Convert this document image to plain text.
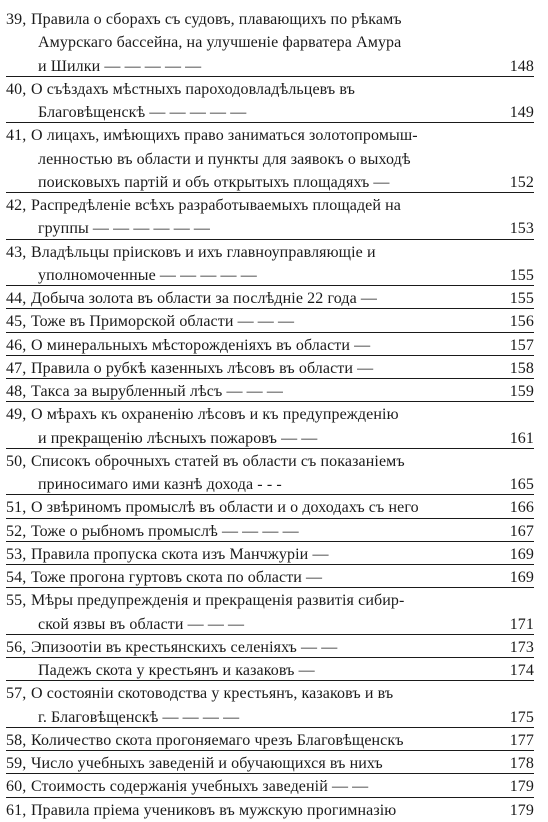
39, Правила о сборахъ съ судовъ, плавающихъ по рѣкамъ
Амурскаго бассейна, на улучшеніе фарватера Амура
и Шилки — — — — —	148
40, О съѣздахъ мѣстныхъ пароходовладѣльцевъ въ
Благовѣщенскѣ — — — — —	149
41, О лицахъ, имѣющихъ право заниматься золотопромыш-
ленностью въ области и пункты для заявокъ о выходѣ
поисковыхъ партій и объ открытыхъ площадяхъ —	152
42, Распредѣленіе всѣхъ разработываемыхъ площадей на
группы — — — — — —	153
43, Владѣльцы прiисковъ и ихъ главноуправляющіе и
уполномоченные — — — — —	155
44, Добыча золота въ области за послѣдніе 22 года —	155
45, Тоже въ Приморской области — — —	156
46, О минеральныхъ мѣсторожденіяхъ въ области —	157
47, Правила о рубкѣ казенныхъ лѣсовъ въ области —	158
48, Такса за вырубленный лѣсъ — — —	159
49, О мѣрахъ къ охраненію лѣсовъ и къ предупрежденію
и прекращенію лѣсныхъ пожаровъ — —	161
50, Списокъ оброчныхъ статей въ области съ показаніемъ
приносимаго ими казнѣ дохода - - -	165
51, О звѣриномъ промыслѣ въ области и о доходахъ съ него	166
52, Тоже о рыбномъ промыслѣ — — — —	167
53, Правила пропуска скота изъ Манчжуріи —	169
54, Тоже прогона гуртовъ скота по области —	169
55, Мѣры предупрежденія и прекращенія развитія сибир-
ской язвы въ области — — —	171
56, Эпизоотіи въ крестьянскихъ селеніяхъ — —	173
Падежъ скота у крестьянъ и казаковъ —	174
57, О состояніи скотоводства у крестьянъ, казаковъ и въ
г. Благовѣщенскѣ — — — —	175
58, Количество скота прогоняемаго чрезъ Благовѣщенскъ	177
59, Число учебныхъ заведеній и обучающихся въ нихъ	178
60, Стоимость содержанія учебныхъ заведеній — —	179
61, Правила пріема учениковъ въ мужскую прогимназію	179
